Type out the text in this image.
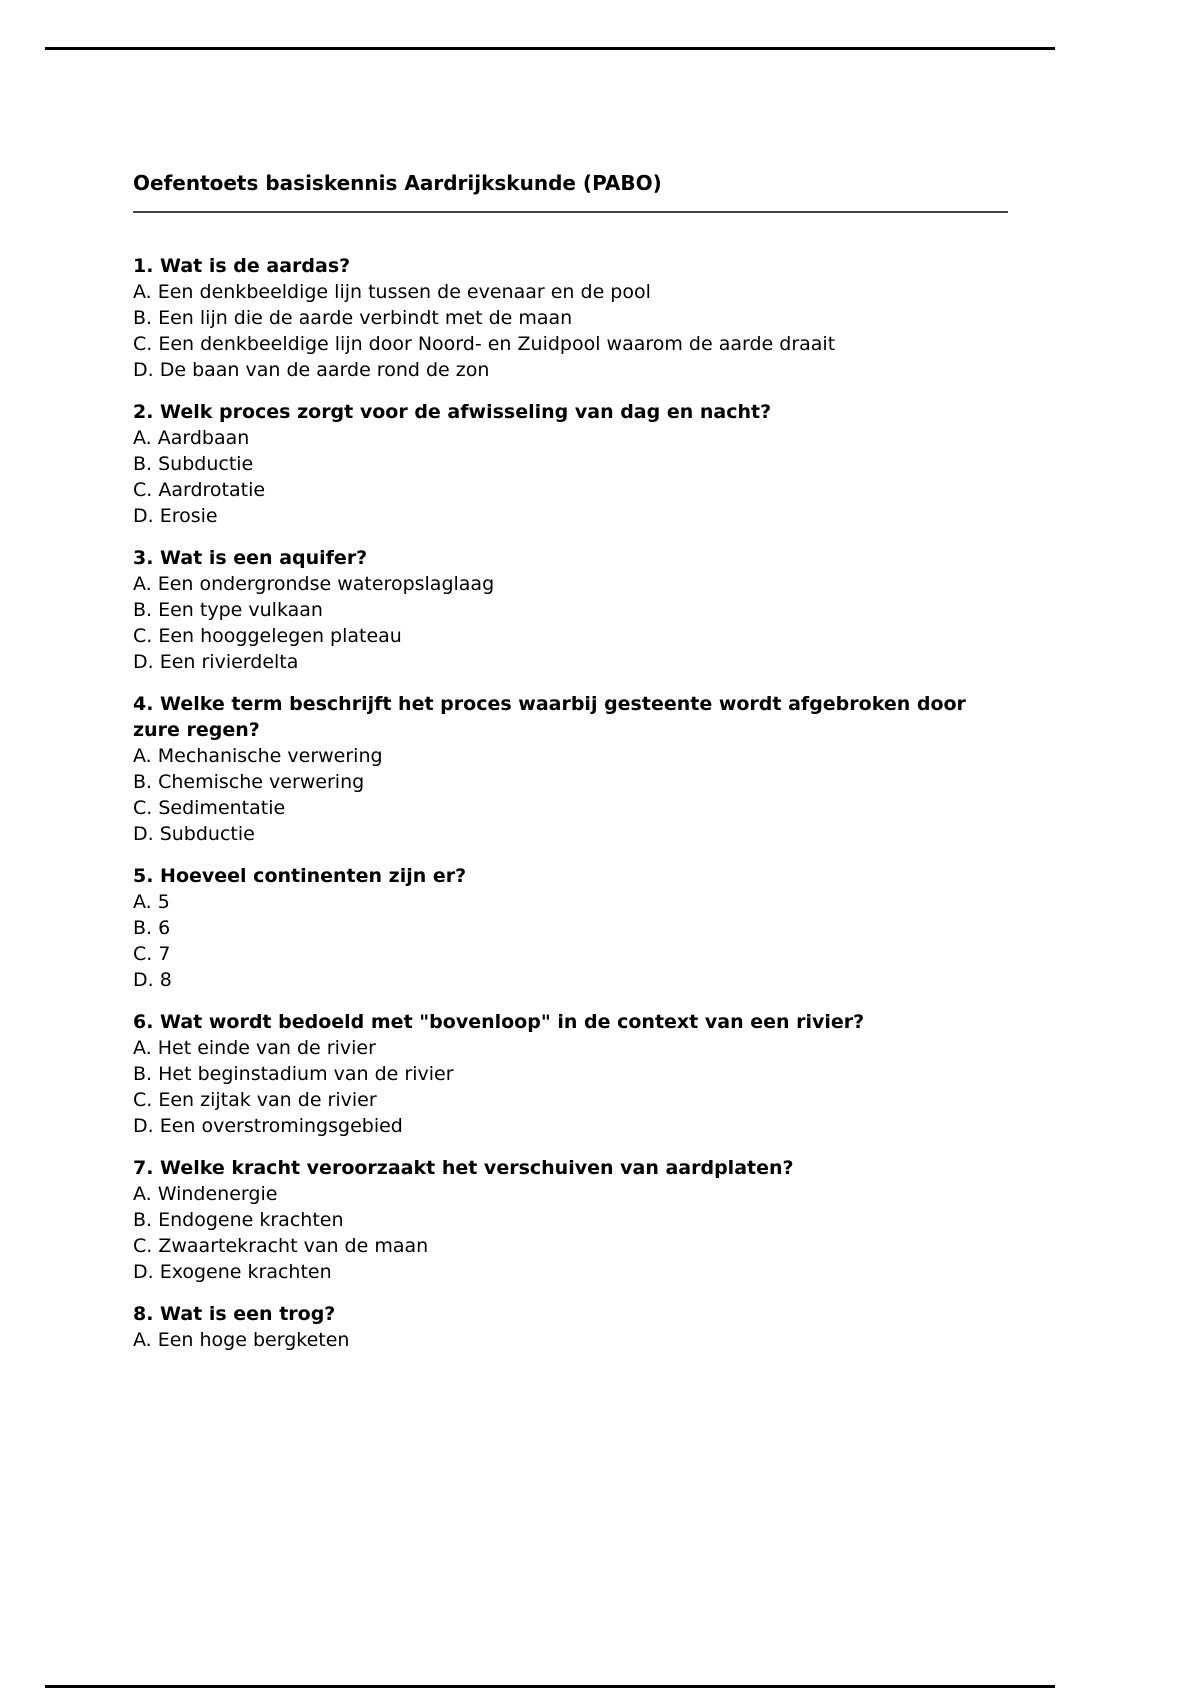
Oefentoets basiskennis Aardrijkskunde (PABO)

1. Wat is de aardas?

A. Een denkbeeldige lijn tussen de evenaar en de pool

B. Een lijn die de aarde verbindt met de maan

C. Een denkbeeldige lijn door Noord- en Zuidpool waarom de aarde draait

D. De baan van de aarde rond de zon

2. Welk proces zorgt voor de afwisseling van dag en nacht?

A. Aardbaan

B. Subductie

C. Aardrotatie

D. Erosie

3. Wat is een aquifer?

A. Een ondergrondse wateropslaglaag

B. Een type vulkaan

C. Een hooggelegen plateau

D. Een rivierdelta

4. Welke term beschrijft het proces waarbij gesteente wordt afgebroken door zure regen?

A. Mechanische verwering

B. Chemische verwering

C. Sedimentatie

D. Subductie

5. Hoeveel continenten zijn er?

A. 5

B. 6

C. 7

D. 8

6. Wat wordt bedoeld met "bovenloop" in de context van een rivier?

A. Het einde van de rivier

B. Het beginstadium van de rivier

C. Een zijtak van de rivier

D. Een overstromingsgebied

7. Welke kracht veroorzaakt het verschuiven van aardplaten?

A. Windenergie

B. Endogene krachten

C. Zwaartekracht van de maan

D. Exogene krachten

8. Wat is een trog?

A. Een hoge bergketen
